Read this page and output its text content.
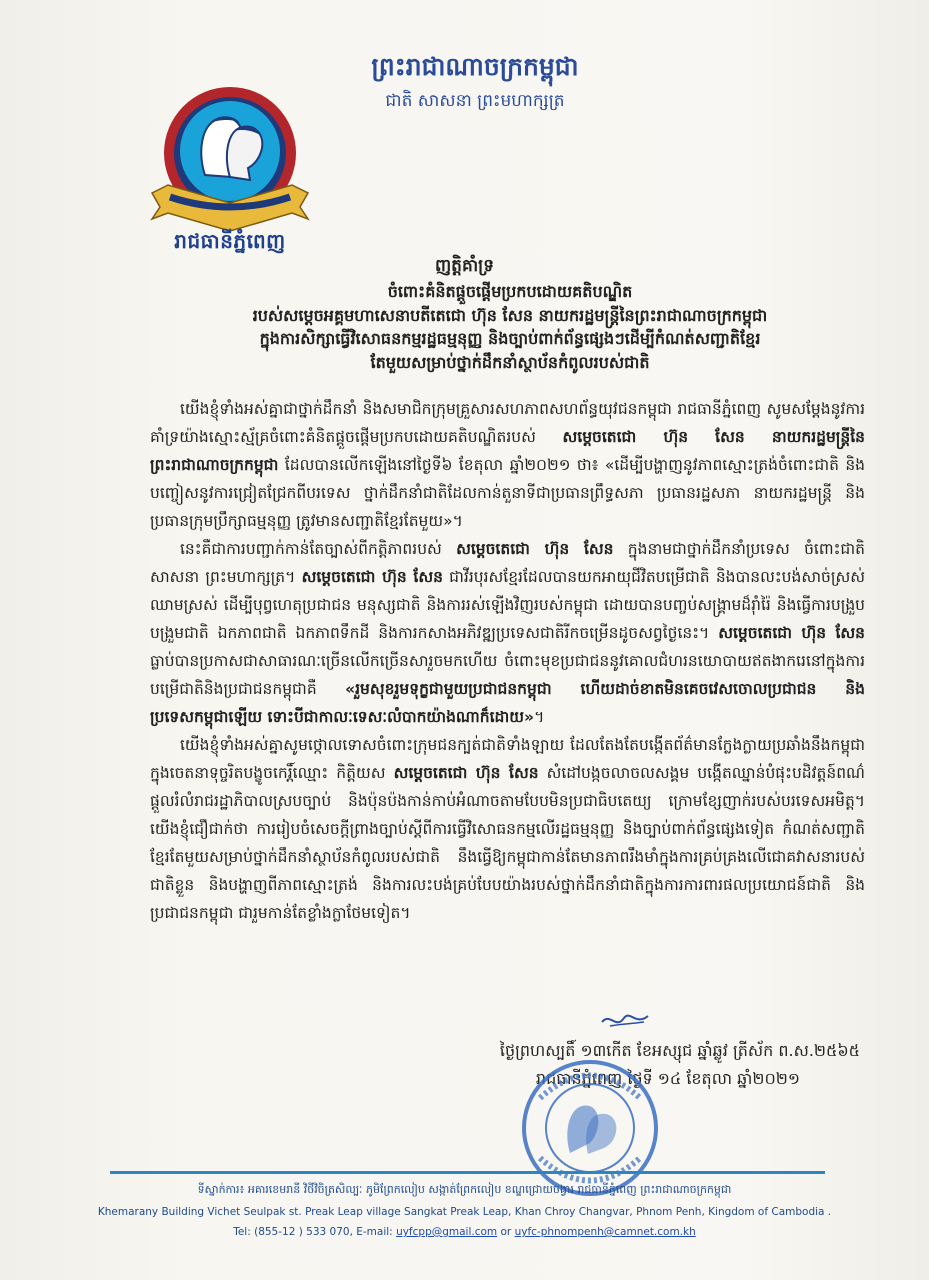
រាជធានីភ្នំពេញ
ព្រះរាជាណាចក្រកម្ពុជា
ជាតិ សាសនា ព្រះមហាក្សត្រ
ញត្តិគាំទ្រ
ចំពោះគំនិតផ្ដួចផ្ដើមប្រកបដោយគតិបណ្ឌិត
របស់សម្ដេចអគ្គមហាសេនាបតីតេជោ ហ៊ុន សែន នាយករដ្ឋមន្ត្រីនៃព្រះរាជាណាចក្រកម្ពុជា
ក្នុងការសិក្សាធ្វើវិសោធនកម្មរដ្ឋធម្មនុញ្ញ និងច្បាប់ពាក់ព័ន្ធផ្សេងៗដើម្បីកំណត់សញ្ជាតិខ្មែរ
តែមួយសម្រាប់ថ្នាក់ដឹកនាំស្ថាប័នកំពូលរបស់ជាតិ

យើងខ្ញុំទាំងអស់គ្នាជាថ្នាក់ដឹកនាំ និងសមាជិកក្រុមគ្រួសារសហភាពសហព័ន្ធយុវជនកម្ពុជា រាជធានីភ្នំពេញ សូមសម្ដែងនូវការគាំទ្រយ៉ាងស្មោះស្ម័គ្រចំពោះគំនិតផ្ដួចផ្ដើមប្រកបដោយគតិបណ្ឌិតរបស់ សម្ដេចតេជោ ហ៊ុន សែន នាយករដ្ឋមន្ត្រីនៃព្រះរាជាណាចក្រកម្ពុជា ដែលបានលើកឡើងនៅថ្ងៃទី៦ ខែតុលា ឆ្នាំ២០២១ ថា៖ «ដើម្បីបង្ហាញនូវភាពស្មោះត្រង់ចំពោះជាតិ និងបញ្ចៀសនូវការជ្រៀតជ្រែកពីបរទេស ថ្នាក់ដឹកនាំជាតិដែលកាន់តួនាទីជាប្រធានព្រឹទ្ធសភា ប្រធានរដ្ឋសភា នាយករដ្ឋមន្ត្រី និងប្រធានក្រុមប្រឹក្សាធម្មនុញ្ញ ត្រូវមានសញ្ជាតិខ្មែរតែមួយ»។

នេះគឺជាការបញ្ជាក់កាន់តែច្បាស់ពីកត្តិភាពរបស់ សម្ដេចតេជោ ហ៊ុន សែន ក្នុងនាមជាថ្នាក់ដឹកនាំប្រទេស ចំពោះជាតិ សាសនា ព្រះមហាក្សត្រ។ សម្ដេចតេជោ ហ៊ុន សែន ជាវីរបុរសខ្មែរដែលបានយកអាយុជីវិតបម្រើជាតិ និងបានលះបង់សាច់ស្រស់ឈាមស្រស់ ដើម្បីបុព្វហេតុប្រជាជន មនុស្សជាតិ និងការរស់ឡើងវិញរបស់កម្ពុជា ដោយបានបញ្ចប់សង្គ្រាមដ៏រ៉ាំរ៉ៃ និងធ្វើការបង្រួបបង្រួមជាតិ ឯកភាពជាតិ ឯកភាពទឹកដី និងការកសាងអភិវឌ្ឍប្រទេសជាតិរីកចម្រើនដូចសព្វថ្ងៃនេះ។ សម្ដេចតេជោ ហ៊ុន សែន ធ្លាប់បានប្រកាសជាសាធារណៈច្រើនលើកច្រើនសារួចមកហើយ ចំពោះមុខប្រជាជននូវគោលជំហរនយោបាយឥតងាករេនៅក្នុងការបម្រើជាតិនិងប្រជាជនកម្ពុជាគឺ «រួមសុខរួមទុក្ខជាមួយប្រជាជនកម្ពុជា ហើយដាច់ខាតមិនគេចវេសចោលប្រជាជន និងប្រទេសកម្ពុជាឡើយ ទោះបីជាកាលៈទេសៈលំបាកយ៉ាងណាក៏ដោយ»។

យើងខ្ញុំទាំងអស់គ្នាសូមថ្កោលទោសចំពោះក្រុមជនក្បត់ជាតិទាំងឡាយ ដែលតែងតែបង្កើតព័ត៌មានក្លែងក្លាយប្រឆាំងនឹងកម្ពុជា ក្នុងចេតនាទុច្ចរិតបង្ខូចកេរ្តិ៍ឈ្មោះ កិត្តិយស សម្ដេចតេជោ ហ៊ុន សែន សំដៅបង្កចលាចលសង្គម បង្កើតឈ្នាន់បំផុះបដិវត្តន៍ពណ៌ ផ្ដួលរំលំរាជរដ្ឋាភិបាលស្របច្បាប់ និងប៉ុនប៉ងកាន់កាប់អំណាចតាមបែបមិនប្រជាធិបតេយ្យ ក្រោមខ្សែញាក់របស់បរទេសអមិត្ត។ យើងខ្ញុំជឿជាក់ថា ការរៀបចំសេចក្ដីព្រាងច្បាប់ស្ដីពីការធ្វើវិសោធនកម្មលើរដ្ឋធម្មនុញ្ញ និងច្បាប់ពាក់ព័ន្ធផ្សេងទៀត កំណត់សញ្ជាតិខ្មែរតែមួយសម្រាប់ថ្នាក់ដឹកនាំស្ថាប័នកំពូលរបស់ជាតិ នឹងធ្វើឱ្យកម្ពុជាកាន់តែមានភាពរឹងមាំក្នុងការគ្រប់គ្រងលើជោគវាសនារបស់ជាតិខ្លួន និងបង្ហាញពីភាពស្មោះត្រង់ និងការលះបង់គ្រប់បែបយ៉ាងរបស់ថ្នាក់ដឹកនាំជាតិក្នុងការការពារផលប្រយោជន៍ជាតិ និងប្រជាជនកម្ពុជា ជារួមកាន់តែខ្លាំងក្លាថែមទៀត។

ថ្ងៃព្រហស្បតិ៍ ១៣កើត ខែអស្សុជ ឆ្នាំឆ្លូវ ត្រីស័ក ព.ស.២៥៦៥
រាជធានីភ្នំពេញ ថ្ងៃទី ១៤ ខែតុលា ឆ្នាំ២០២១
ទីស្នាក់ការ៖ អគារខេមរានី វិថីវិចិត្រសិល្បៈ ភូមិព្រែកលៀប សង្កាត់ព្រែកលៀប ខណ្ឌជ្រោយចង្វារ រាជធានីភ្នំពេញ ព្រះរាជាណាចក្រកម្ពុជា
Khemarany Building Vichet Seulpak st. Preak Leap village Sangkat Preak Leap, Khan Chroy Changvar, Phnom Penh, Kingdom of Cambodia .
Tel: (855-12 ) 533 070, E-mail: uyfcpp@gmail.com or uyfc-phnompenh@camnet.com.kh
